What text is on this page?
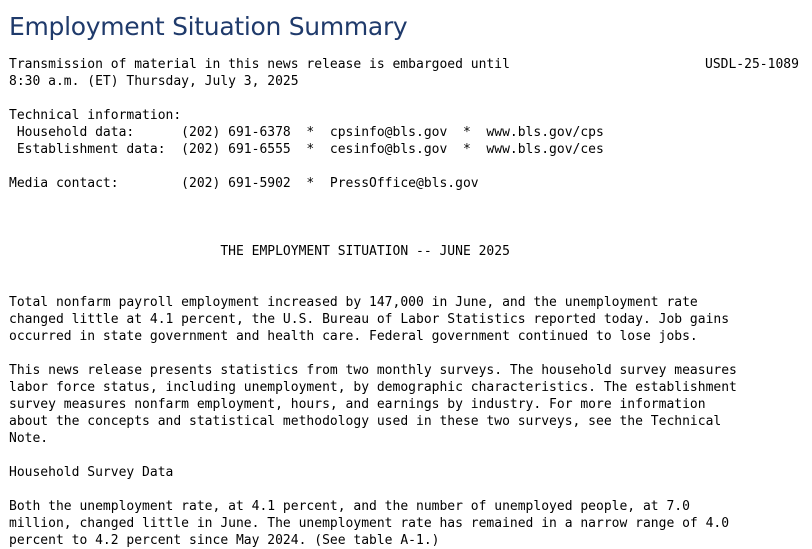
Employment Situation Summary
USDL-25-1089
Transmission of material in this news release is embargoed until
8:30 a.m. (ET) Thursday, July 3, 2025
Technical information:
Household data:      (202) 691-6378  *  cpsinfo@bls.gov  *  www.bls.gov/cps
Establishment data:  (202) 691-6555  *  cesinfo@bls.gov  *  www.bls.gov/ces
Media contact:        (202) 691-5902  *  PressOffice@bls.gov
THE EMPLOYMENT SITUATION -- JUNE 2025
Total nonfarm payroll employment increased by 147,000 in June, and the unemployment rate
changed little at 4.1 percent, the U.S. Bureau of Labor Statistics reported today. Job gains
occurred in state government and health care. Federal government continued to lose jobs.
This news release presents statistics from two monthly surveys. The household survey measures
labor force status, including unemployment, by demographic characteristics. The establishment
survey measures nonfarm employment, hours, and earnings by industry. For more information
about the concepts and statistical methodology used in these two surveys, see the Technical
Note.
Household Survey Data
Both the unemployment rate, at 4.1 percent, and the number of unemployed people, at 7.0
million, changed little in June. The unemployment rate has remained in a narrow range of 4.0
percent to 4.2 percent since May 2024. (See table A-1.)
